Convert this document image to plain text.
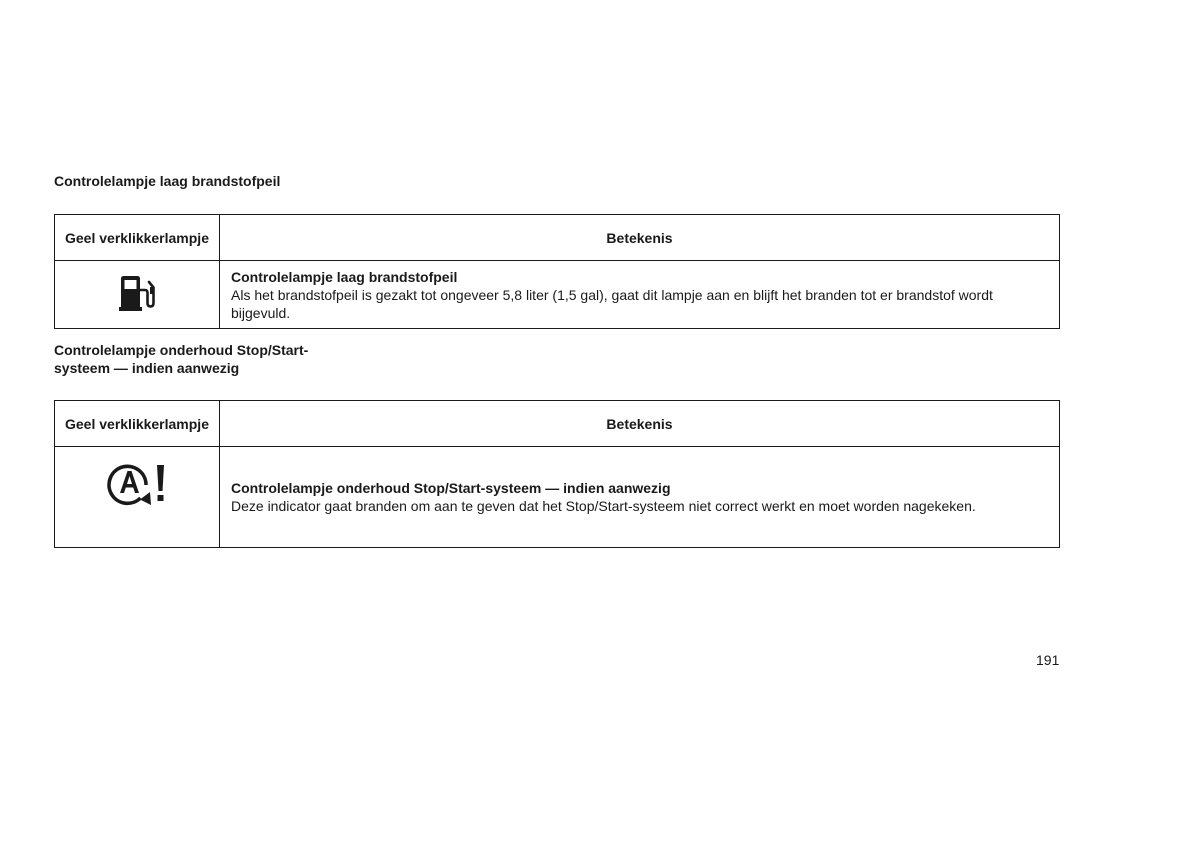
Controlelampje laag brandstofpeil
Geel verklikkerlampje	Betekenis

Controlelampje laag brandstofpeil
Als het brandstofpeil is gezakt tot ongeveer 5,8 liter (1,5 gal), gaat dit lampje aan en blijft het branden tot er brandstof wordt bijgevuld.
Controlelampje onderhoud Stop/Start-systeem — indien aanwezig
Geel verklikkerlampje	Betekenis

Controlelampje onderhoud Stop/Start-systeem — indien aanwezig
Deze indicator gaat branden om aan te geven dat het Stop/Start-systeem niet correct werkt en moet worden nagekeken.
191
